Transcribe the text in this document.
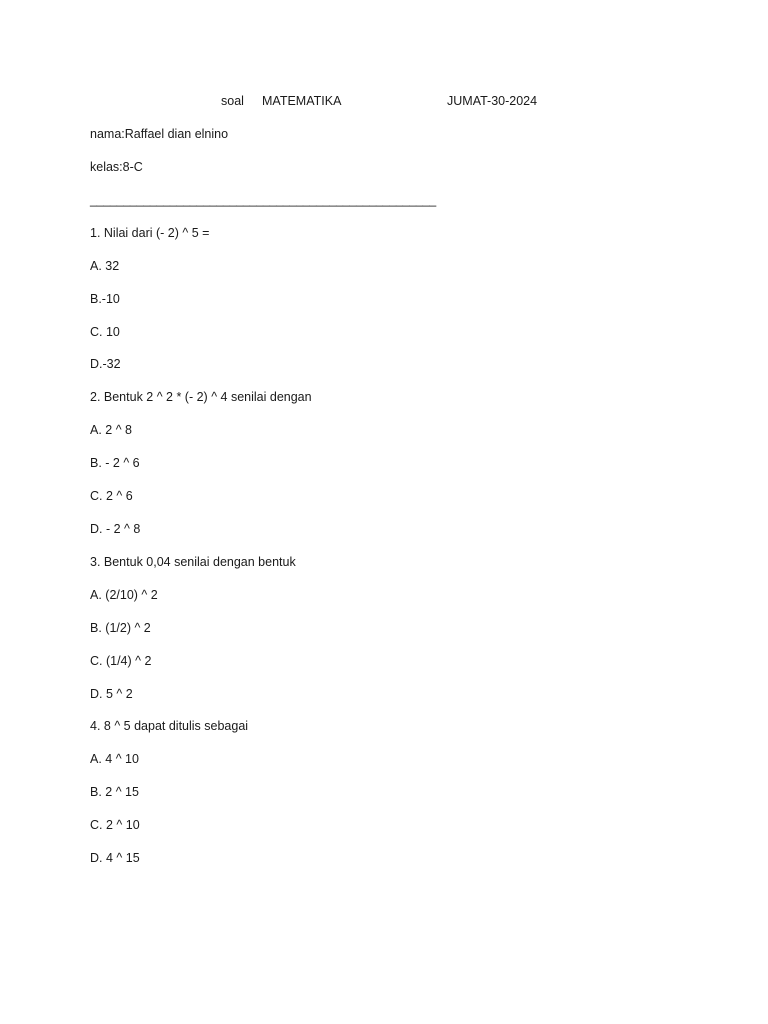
soal MATEMATIKA	JUMAT-30-2024
nama:Raffael dian elnino
kelas:8-C
____________________________________________________
1. Nilai dari (- 2) ^ 5 =
A. 32
B.-10
C. 10
D.-32
2. Bentuk 2 ^ 2 * (- 2) ^ 4 senilai dengan
A. 2 ^ 8
B. - 2 ^ 6
C. 2 ^ 6
D. - 2 ^ 8
3. Bentuk 0,04 senilai dengan bentuk
A. (2/10) ^ 2
B. (1/2) ^ 2
C. (1/4) ^ 2
D. 5 ^ 2
4. 8 ^ 5 dapat ditulis sebagai
A. 4 ^ 10
B. 2 ^ 15
C. 2 ^ 10
D. 4 ^ 15
